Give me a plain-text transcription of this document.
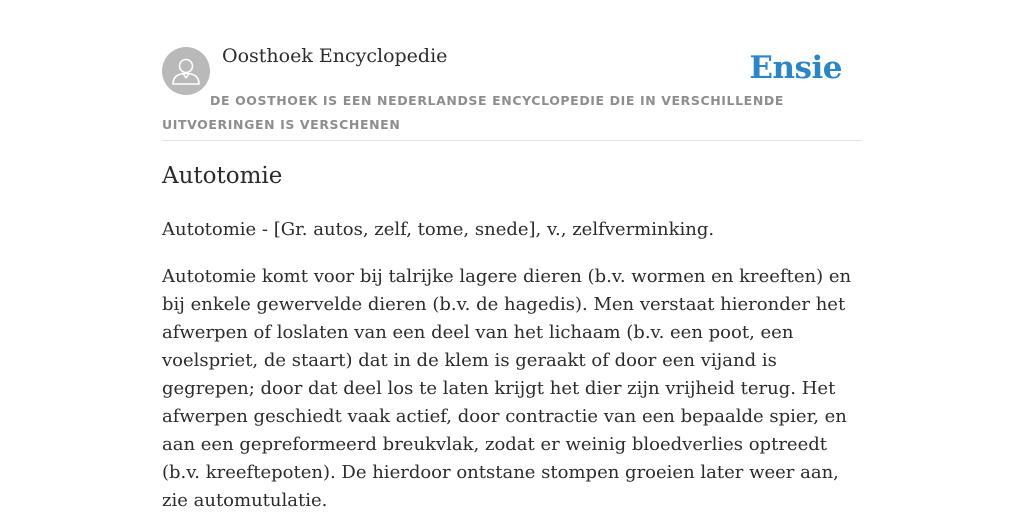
Oosthoek Encyclopedie	Ensie
DE OOSTHOEK IS EEN NEDERLANDSE ENCYCLOPEDIE DIE IN VERSCHILLENDE UITVOERINGEN IS VERSCHENEN
Autotomie

Autotomie - [Gr. autos, zelf, tome, snede], v., zelfverminking.

Autotomie komt voor bij talrijke lagere dieren (b.v. wormen en kreeften) en bij enkele gewervelde dieren (b.v. de hagedis). Men verstaat hieronder het afwerpen of loslaten van een deel van het lichaam (b.v. een poot, een voelspriet, de staart) dat in de klem is geraakt of door een vijand is gegrepen; door dat deel los te laten krijgt het dier zijn vrijheid terug. Het afwerpen geschiedt vaak actief, door contractie van een bepaalde spier, en aan een gepreformeerd breukvlak, zodat er weinig bloedverlies optreedt (b.v. kreeftepoten). De hierdoor ontstane stompen groeien later weer aan, zie automutulatie.
